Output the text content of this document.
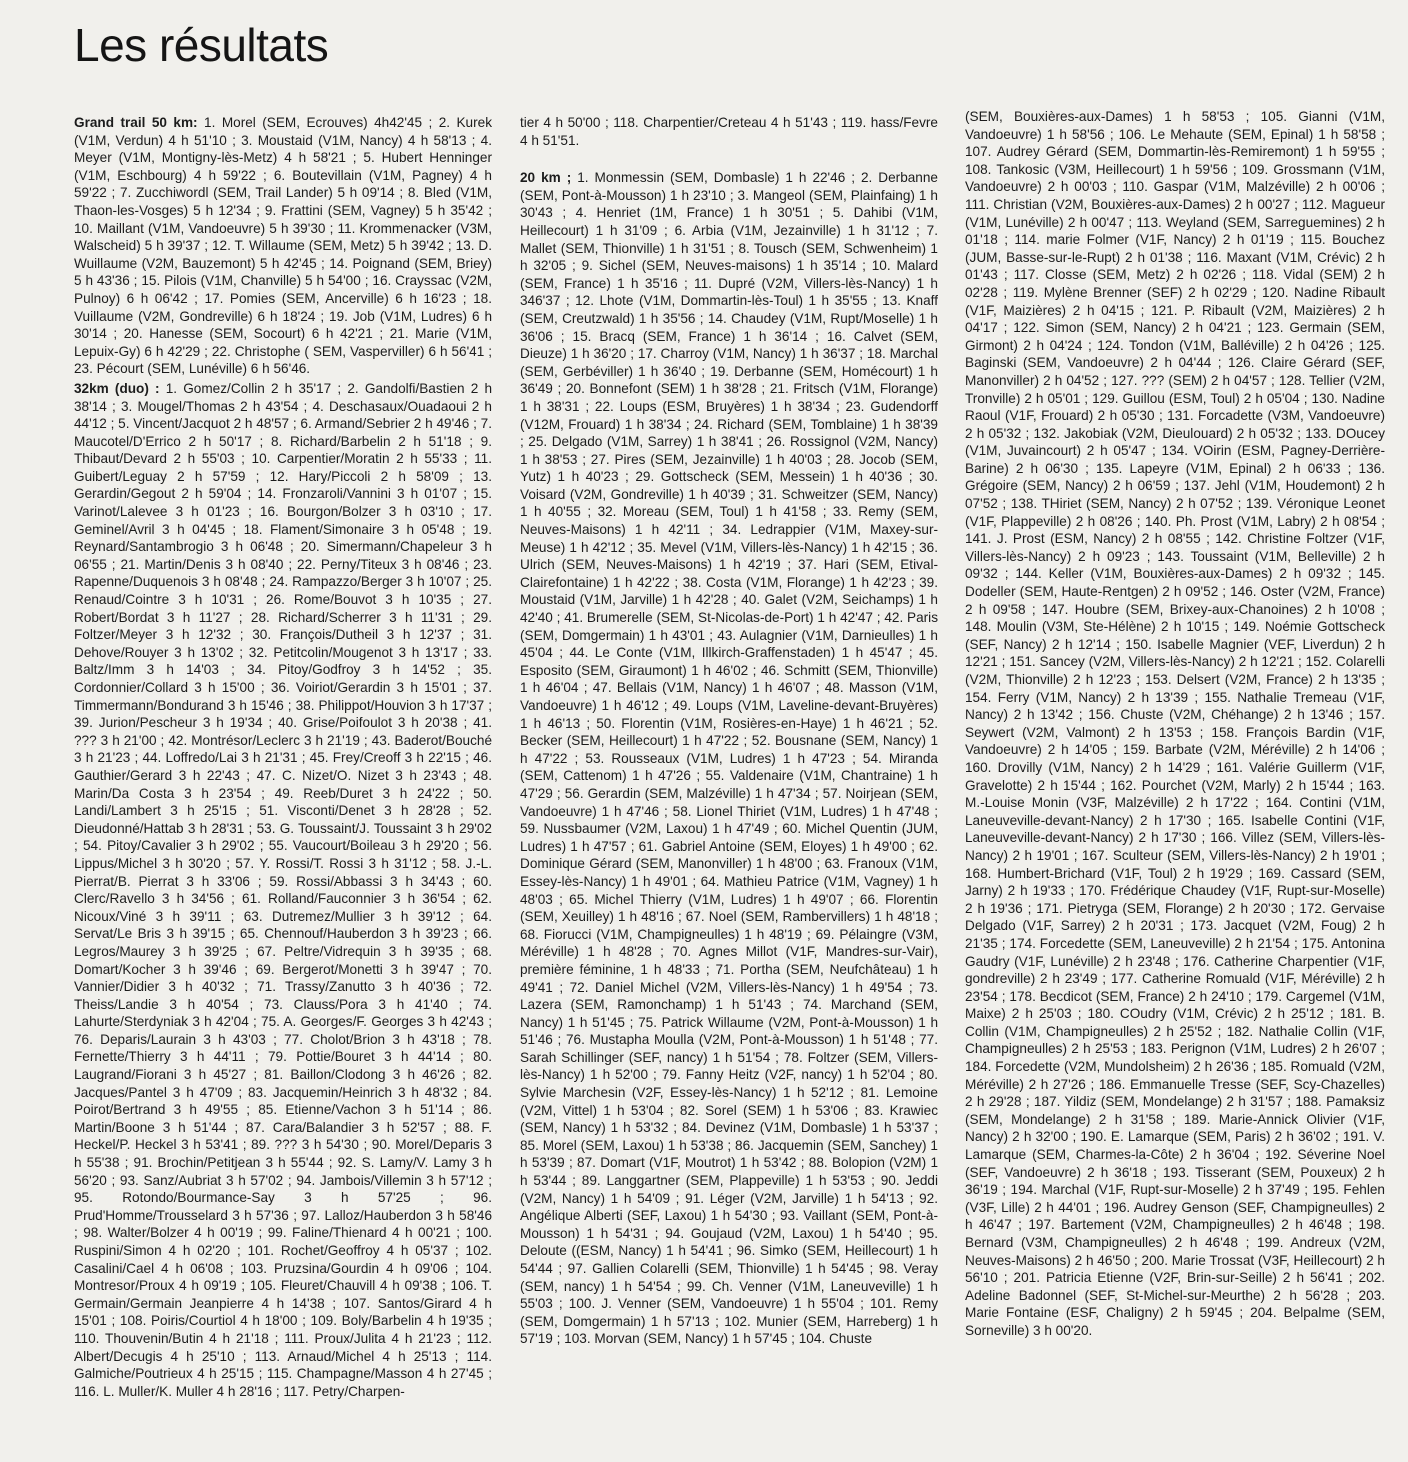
Les résultats

Grand trail 50 km: 1. Morel (SEM, Ecrouves) 4h42'45 ; 2. Kurek (V1M, Verdun) 4 h 51'10 ; 3. Moustaid (V1M, Nancy) 4 h 58'13 ; 4. Meyer (V1M, Montigny-lès-Metz) 4 h 58'21 ; 5. Hubert Henninger (V1M, Eschbourg) 4 h 59'22 ; 6. Boutevillain (V1M, Pagney) 4 h 59'22 ; 7. Zucchiwordl (SEM, Trail Lander) 5 h 09'14 ; 8. Bled (V1M, Thaon-les-Vosges) 5 h 12'34 ; 9. Frattini (SEM, Vagney) 5 h 35'42 ; 10. Maillant (V1M, Vandoeuvre) 5 h 39'30 ; 11. Krommenacker (V3M, Walscheid) 5 h 39'37 ; 12. T. Willaume (SEM, Metz) 5 h 39'42 ; 13. D. Wuillaume (V2M, Bauzemont) 5 h 42'45 ; 14. Poignand (SEM, Briey) 5 h 43'36 ; 15. Pilois (V1M, Chanville) 5 h 54'00 ; 16. Crayssac (V2M, Pulnoy) 6 h 06'42 ; 17. Pomies (SEM, Ancerville) 6 h 16'23 ; 18. Vuillaume (V2M, Gondreville) 6 h 18'24 ; 19. Job (V1M, Ludres) 6 h 30'14 ; 20. Hanesse (SEM, Socourt) 6 h 42'21 ; 21. Marie (V1M, Lepuix-Gy) 6 h 42'29 ; 22. Christophe ( SEM, Vasperviller) 6 h 56'41 ; 23. Pécourt (SEM, Lunéville) 6 h 56'46.

32km (duo) : 1. Gomez/Collin 2 h 35'17 ; 2. Gandolfi/Bastien 2 h 38'14 ; 3. Mougel/Thomas 2 h 43'54 ; 4. Deschasaux/Ouadaoui 2 h 44'12 ; 5. Vincent/Jacquot 2 h 48'57 ; 6. Armand/Sebrier 2 h 49'46 ; 7. Maucotel/D'Errico 2 h 50'17 ; 8. Richard/Barbelin 2 h 51'18 ; 9. Thibaut/Devard 2 h 55'03 ; 10. Carpentier/Moratin 2 h 55'33 ; 11. Guibert/Leguay 2 h 57'59 ; 12. Hary/Piccoli 2 h 58'09 ; 13. Gerardin/Gegout 2 h 59'04 ; 14. Fronzaroli/Vannini 3 h 01'07 ; 15. Varinot/Lalevee 3 h 01'23 ; 16. Bourgon/Bolzer 3 h 03'10 ; 17. Geminel/Avril 3 h 04'45 ; 18. Flament/Simonaire 3 h 05'48 ; 19. Reynard/Santambrogio 3 h 06'48 ; 20. Simermann/Chapeleur 3 h 06'55 ; 21. Martin/Denis 3 h 08'40 ; 22. Perny/Titeux 3 h 08'46 ; 23. Rapenne/Duquenois 3 h 08'48 ; 24. Rampazzo/Berger 3 h 10'07 ; 25. Renaud/Cointre 3 h 10'31 ; 26. Rome/Bouvot 3 h 10'35 ; 27. Robert/Bordat 3 h 11'27 ; 28. Richard/Scherrer 3 h 11'31 ; 29. Foltzer/Meyer 3 h 12'32 ; 30. François/Dutheil 3 h 12'37 ; 31. Dehove/Rouyer 3 h 13'02 ; 32. Petitcolin/Mougenot 3 h 13'17 ; 33. Baltz/Imm 3 h 14'03 ; 34. Pitoy/Godfroy 3 h 14'52 ; 35. Cordonnier/Collard 3 h 15'00 ; 36. Voiriot/Gerardin 3 h 15'01 ; 37. Timmermann/Bondurand 3 h 15'46 ; 38. Philippot/Houvion 3 h 17'37 ; 39. Jurion/Pescheur 3 h 19'34 ; 40. Grise/Poifoulot 3 h 20'38 ; 41. ??? 3 h 21'00 ; 42. Montrésor/Leclerc 3 h 21'19 ; 43. Baderot/Bouché 3 h 21'23 ; 44. Loffredo/Lai 3 h 21'31 ; 45. Frey/Creoff 3 h 22'15 ; 46. Gauthier/Gerard 3 h 22'43 ; 47. C. Nizet/O. Nizet 3 h 23'43 ; 48. Marin/Da Costa 3 h 23'54 ; 49. Reeb/Duret 3 h 24'22 ; 50. Landi/Lambert 3 h 25'15 ; 51. Visconti/Denet 3 h 28'28 ; 52. Dieudonné/Hattab 3 h 28'31 ; 53. G. Toussaint/J. Toussaint 3 h 29'02 ; 54. Pitoy/Cavalier 3 h 29'02 ; 55. Vaucourt/Boileau 3 h 29'20 ; 56. Lippus/Michel 3 h 30'20 ; 57. Y. Rossi/T. Rossi 3 h 31'12 ; 58. J.-L. Pierrat/B. Pierrat 3 h 33'06 ; 59. Rossi/Abbassi 3 h 34'43 ; 60. Clerc/Ravello 3 h 34'56 ; 61. Rolland/Fauconnier 3 h 36'54 ; 62. Nicoux/Viné 3 h 39'11 ; 63. Dutremez/Mullier 3 h 39'12 ; 64. Servat/Le Bris 3 h 39'15 ; 65. Chennouf/Hauberdon 3 h 39'23 ; 66. Legros/Maurey 3 h 39'25 ; 67. Peltre/Vidrequin 3 h 39'35 ; 68. Domart/Kocher 3 h 39'46 ; 69. Bergerot/Monetti 3 h 39'47 ; 70. Vannier/Didier 3 h 40'32 ; 71. Trassy/Zanutto 3 h 40'36 ; 72. Theiss/Landie 3 h 40'54 ; 73. Clauss/Pora 3 h 41'40 ; 74. Lahurte/Sterdyniak 3 h 42'04 ; 75. A. Georges/F. Georges 3 h 42'43 ; 76. Deparis/Laurain 3 h 43'03 ; 77. Cholot/Brion 3 h 43'18 ; 78. Fernette/Thierry 3 h 44'11 ; 79. Pottie/Bouret 3 h 44'14 ; 80. Laugrand/Fiorani 3 h 45'27 ; 81. Baillon/Clodong 3 h 46'26 ; 82. Jacques/Pantel 3 h 47'09 ; 83. Jacquemin/Heinrich 3 h 48'32 ; 84. Poirot/Bertrand 3 h 49'55 ; 85. Etienne/Vachon 3 h 51'14 ; 86. Martin/Boone 3 h 51'44 ; 87. Cara/Balandier 3 h 52'57 ; 88. F. Heckel/P. Heckel 3 h 53'41 ; 89. ??? 3 h 54'30 ; 90. Morel/Deparis 3 h 55'38 ; 91. Brochin/Petitjean 3 h 55'44 ; 92. S. Lamy/V. Lamy 3 h 56'20 ; 93. Sanz/Aubriat 3 h 57'02 ; 94. Jambois/Villemin 3 h 57'12 ; 95. Rotondo/Bourmance-Say 3 h 57'25 ; 96. Prud'Homme/Trousselard 3 h 57'36 ; 97. Lalloz/Hauberdon 3 h 58'46 ; 98. Walter/Bolzer 4 h 00'19 ; 99. Faline/Thienard 4 h 00'21 ; 100. Ruspini/Simon 4 h 02'20 ; 101. Rochet/Geoffroy 4 h 05'37 ; 102. Casalini/Cael 4 h 06'08 ; 103. Pruzsina/Gourdin 4 h 09'06 ; 104. Montresor/Proux 4 h 09'19 ; 105. Fleuret/Chauvill 4 h 09'38 ; 106. T. Germain/Germain Jeanpierre 4 h 14'38 ; 107. Santos/Girard 4 h 15'01 ; 108. Poiris/Courtiol 4 h 18'00 ; 109. Boly/Barbelin 4 h 19'35 ; 110. Thouvenin/Butin 4 h 21'18 ; 111. Proux/Julita 4 h 21'23 ; 112. Albert/Decugis 4 h 25'10 ; 113. Arnaud/Michel 4 h 25'13 ; 114. Galmiche/Poutrieux 4 h 25'15 ; 115. Champagne/Masson 4 h 27'45 ; 116. L. Muller/K. Muller 4 h 28'16 ; 117. Petry/Charpen-

tier 4 h 50'00 ; 118. Charpentier/Creteau 4 h 51'43 ; 119. hass/Fevre 4 h 51'51.

20 km ; 1. Monmessin (SEM, Dombasle) 1 h 22'46 ; 2. Derbanne (SEM, Pont-à-Mousson) 1 h 23'10 ; 3. Mangeol (SEM, Plainfaing) 1 h 30'43 ; 4. Henriet (1M, France) 1 h 30'51 ; 5. Dahibi (V1M, Heillecourt) 1 h 31'09 ; 6. Arbia (V1M, Jezainville) 1 h 31'12 ; 7. Mallet (SEM, Thionville) 1 h 31'51 ; 8. Tousch (SEM, Schwenheim) 1 h 32'05 ; 9. Sichel (SEM, Neuves-maisons) 1 h 35'14 ; 10. Malard (SEM, France) 1 h 35'16 ; 11. Dupré (V2M, Villers-lès-Nancy) 1 h 346'37 ; 12. Lhote (V1M, Dommartin-lès-Toul) 1 h 35'55 ; 13. Knaff (SEM, Creutzwald) 1 h 35'56 ; 14. Chaudey (V1M, Rupt/Moselle) 1 h 36'06 ; 15. Bracq (SEM, France) 1 h 36'14 ; 16. Calvet (SEM, Dieuze) 1 h 36'20 ; 17. Charroy (V1M, Nancy) 1 h 36'37 ; 18. Marchal (SEM, Gerbéviller) 1 h 36'40 ; 19. Derbanne (SEM, Homécourt) 1 h 36'49 ; 20. Bonnefont (SEM) 1 h 38'28 ; 21. Fritsch (V1M, Florange) 1 h 38'31 ; 22. Loups (ESM, Bruyères) 1 h 38'34 ; 23. Gudendorff (V12M, Frouard) 1 h 38'34 ; 24. Richard (SEM, Tomblaine) 1 h 38'39 ; 25. Delgado (V1M, Sarrey) 1 h 38'41 ; 26. Rossignol (V2M, Nancy) 1 h 38'53 ; 27. Pires (SEM, Jezainville) 1 h 40'03 ; 28. Jocob (SEM, Yutz) 1 h 40'23 ; 29. Gottscheck (SEM, Messein) 1 h 40'36 ; 30. Voisard (V2M, Gondreville) 1 h 40'39 ; 31. Schweitzer (SEM, Nancy) 1 h 40'55 ; 32. Moreau (SEM, Toul) 1 h 41'58 ; 33. Remy (SEM, Neuves-Maisons) 1 h 42'11 ; 34. Ledrappier (V1M, Maxey-sur-Meuse) 1 h 42'12 ; 35. Mevel (V1M, Villers-lès-Nancy) 1 h 42'15 ; 36. Ulrich (SEM, Neuves-Maisons) 1 h 42'19 ; 37. Hari (SEM, Etival-Clairefontaine) 1 h 42'22 ; 38. Costa (V1M, Florange) 1 h 42'23 ; 39. Moustaid (V1M, Jarville) 1 h 42'28 ; 40. Galet (V2M, Seichamps) 1 h 42'40 ; 41. Brumerelle (SEM, St-Nicolas-de-Port) 1 h 42'47 ; 42. Paris (SEM, Domgermain) 1 h 43'01 ; 43. Aulagnier (V1M, Darnieulles) 1 h 45'04 ; 44. Le Conte (V1M, Illkirch-Graffenstaden) 1 h 45'47 ; 45. Esposito (SEM, Giraumont) 1 h 46'02 ; 46. Schmitt (SEM, Thionville) 1 h 46'04 ; 47. Bellais (V1M, Nancy) 1 h 46'07 ; 48. Masson (V1M, Vandoeuvre) 1 h 46'12 ; 49. Loups (V1M, Laveline-devant-Bruyères) 1 h 46'13 ; 50. Florentin (V1M, Rosières-en-Haye) 1 h 46'21 ; 52. Becker (SEM, Heillecourt) 1 h 47'22 ; 52. Bousnane (SEM, Nancy) 1 h 47'22 ; 53. Rousseaux (V1M, Ludres) 1 h 47'23 ; 54. Miranda (SEM, Cattenom) 1 h 47'26 ; 55. Valdenaire (V1M, Chantraine) 1 h 47'29 ; 56. Gerardin (SEM, Malzéville) 1 h 47'34 ; 57. Noirjean (SEM, Vandoeuvre) 1 h 47'46 ; 58. Lionel Thiriet (V1M, Ludres) 1 h 47'48 ; 59. Nussbaumer (V2M, Laxou) 1 h 47'49 ; 60. Michel Quentin (JUM, Ludres) 1 h 47'57 ; 61. Gabriel Antoine (SEM, Eloyes) 1 h 49'00 ; 62. Dominique Gérard (SEM, Manonviller) 1 h 48'00 ; 63. Franoux (V1M, Essey-lès-Nancy) 1 h 49'01 ; 64. Mathieu Patrice (V1M, Vagney) 1 h 48'03 ; 65. Michel Thierry (V1M, Ludres) 1 h 49'07 ; 66. Florentin (SEM, Xeuilley) 1 h 48'16 ; 67. Noel (SEM, Rambervillers) 1 h 48'18 ; 68. Fiorucci (V1M, Champigneulles) 1 h 48'19 ; 69. Pélaingre (V3M, Méréville) 1 h 48'28 ; 70. Agnes Millot (V1F, Mandres-sur-Vair), première féminine, 1 h 48'33 ; 71. Portha (SEM, Neufchâteau) 1 h 49'41 ; 72. Daniel Michel (V2M, Villers-lès-Nancy) 1 h 49'54 ; 73. Lazera (SEM, Ramonchamp) 1 h 51'43 ; 74. Marchand (SEM, Nancy) 1 h 51'45 ; 75. Patrick Willaume (V2M, Pont-à-Mousson) 1 h 51'46 ; 76. Mustapha Moulla (V2M, Pont-à-Mousson) 1 h 51'48 ; 77. Sarah Schillinger (SEF, nancy) 1 h 51'54 ; 78. Foltzer (SEM, Villers-lès-Nancy) 1 h 52'00 ; 79. Fanny Heitz (V2F, nancy) 1 h 52'04 ; 80. Sylvie Marchesin (V2F, Essey-lès-Nancy) 1 h 52'12 ; 81. Lemoine (V2M, Vittel) 1 h 53'04 ; 82. Sorel (SEM) 1 h 53'06 ; 83. Krawiec (SEM, Nancy) 1 h 53'32 ; 84. Devinez (V1M, Dombasle) 1 h 53'37 ; 85. Morel (SEM, Laxou) 1 h 53'38 ; 86. Jacquemin (SEM, Sanchey) 1 h 53'39 ; 87. Domart (V1F, Moutrot) 1 h 53'42 ; 88. Bolopion (V2M) 1 h 53'44 ; 89. Langgartner (SEM, Plappeville) 1 h 53'53 ; 90. Jeddi (V2M, Nancy) 1 h 54'09 ; 91. Léger (V2M, Jarville) 1 h 54'13 ; 92. Angélique Alberti (SEF, Laxou) 1 h 54'30 ; 93. Vaillant (SEM, Pont-à-Mousson) 1 h 54'31 ; 94. Goujaud (V2M, Laxou) 1 h 54'40 ; 95. Deloute ((ESM, Nancy) 1 h 54'41 ; 96. Simko (SEM, Heillecourt) 1 h 54'44 ; 97. Gallien Colarelli (SEM, Thionville) 1 h 54'45 ; 98. Veray (SEM, nancy) 1 h 54'54 ; 99. Ch. Venner (V1M, Laneuveville) 1 h 55'03 ; 100. J. Venner (SEM, Vandoeuvre) 1 h 55'04 ; 101. Remy (SEM, Domgermain) 1 h 57'13 ; 102. Munier (SEM, Harreberg) 1 h 57'19 ; 103. Morvan (SEM, Nancy) 1 h 57'45 ; 104. Chuste

(SEM, Bouxières-aux-Dames) 1 h 58'53 ; 105. Gianni (V1M, Vandoeuvre) 1 h 58'56 ; 106. Le Mehaute (SEM, Epinal) 1 h 58'58 ; 107. Audrey Gérard (SEM, Dommartin-lès-Remiremont) 1 h 59'55 ; 108. Tankosic (V3M, Heillecourt) 1 h 59'56 ; 109. Grossmann (V1M, Vandoeuvre) 2 h 00'03 ; 110. Gaspar (V1M, Malzéville) 2 h 00'06 ; 111. Christian (V2M, Bouxières-aux-Dames) 2 h 00'27 ; 112. Magueur (V1M, Lunéville) 2 h 00'47 ; 113. Weyland (SEM, Sarreguemines) 2 h 01'18 ; 114. marie Folmer (V1F, Nancy) 2 h 01'19 ; 115. Bouchez (JUM, Basse-sur-le-Rupt) 2 h 01'38 ; 116. Maxant (V1M, Crévic) 2 h 01'43 ; 117. Closse (SEM, Metz) 2 h 02'26 ; 118. Vidal (SEM) 2 h 02'28 ; 119. Mylène Brenner (SEF) 2 h 02'29 ; 120. Nadine Ribault (V1F, Maizières) 2 h 04'15 ; 121. P. Ribault (V2M, Maizières) 2 h 04'17 ; 122. Simon (SEM, Nancy) 2 h 04'21 ; 123. Germain (SEM, Girmont) 2 h 04'24 ; 124. Tondon (V1M, Balléville) 2 h 04'26 ; 125. Baginski (SEM, Vandoeuvre) 2 h 04'44 ; 126. Claire Gérard (SEF, Manonviller) 2 h 04'52 ; 127. ??? (SEM) 2 h 04'57 ; 128. Tellier (V2M, Tronville) 2 h 05'01 ; 129. Guillou (ESM, Toul) 2 h 05'04 ; 130. Nadine Raoul (V1F, Frouard) 2 h 05'30 ; 131. Forcadette (V3M, Vandoeuvre) 2 h 05'32 ; 132. Jakobiak (V2M, Dieulouard) 2 h 05'32 ; 133. DOucey (V1M, Juvaincourt) 2 h 05'47 ; 134. VOirin (ESM, Pagney-Derrière-Barine) 2 h 06'30 ; 135. Lapeyre (V1M, Epinal) 2 h 06'33 ; 136. Grégoire (SEM, Nancy) 2 h 06'59 ; 137. Jehl (V1M, Houdemont) 2 h 07'52 ; 138. THiriet (SEM, Nancy) 2 h 07'52 ; 139. Véronique Leonet (V1F, Plappeville) 2 h 08'26 ; 140. Ph. Prost (V1M, Labry) 2 h 08'54 ; 141. J. Prost (ESM, Nancy) 2 h 08'55 ; 142. Christine Foltzer (V1F, Villers-lès-Nancy) 2 h 09'23 ; 143. Toussaint (V1M, Belleville) 2 h 09'32 ; 144. Keller (V1M, Bouxières-aux-Dames) 2 h 09'32 ; 145. Dodeller (SEM, Haute-Rentgen) 2 h 09'52 ; 146. Oster (V2M, France) 2 h 09'58 ; 147. Houbre (SEM, Brixey-aux-Chanoines) 2 h 10'08 ; 148. Moulin (V3M, Ste-Hélène) 2 h 10'15 ; 149. Noémie Gottscheck (SEF, Nancy) 2 h 12'14 ; 150. Isabelle Magnier (VEF, Liverdun) 2 h 12'21 ; 151. Sancey (V2M, Villers-lès-Nancy) 2 h 12'21 ; 152. Colarelli (V2M, Thionville) 2 h 12'23 ; 153. Delsert (V2M, France) 2 h 13'35 ; 154. Ferry (V1M, Nancy) 2 h 13'39 ; 155. Nathalie Tremeau (V1F, Nancy) 2 h 13'42 ; 156. Chuste (V2M, Chéhange) 2 h 13'46 ; 157. Seywert (V2M, Valmont) 2 h 13'53 ; 158. François Bardin (V1F, Vandoeuvre) 2 h 14'05 ; 159. Barbate (V2M, Méréville) 2 h 14'06 ; 160. Drovilly (V1M, Nancy) 2 h 14'29 ; 161. Valérie Guillerm (V1F, Gravelotte) 2 h 15'44 ; 162. Pourchet (V2M, Marly) 2 h 15'44 ; 163. M.-Louise Monin (V3F, Malzéville) 2 h 17'22 ; 164. Contini (V1M, Laneuveville-devant-Nancy) 2 h 17'30 ; 165. Isabelle Contini (V1F, Laneuveville-devant-Nancy) 2 h 17'30 ; 166. Villez (SEM, Villers-lès-Nancy) 2 h 19'01 ; 167. Sculteur (SEM, Villers-lès-Nancy) 2 h 19'01 ; 168. Humbert-Brichard (V1F, Toul) 2 h 19'29 ; 169. Cassard (SEM, Jarny) 2 h 19'33 ; 170. Frédérique Chaudey (V1F, Rupt-sur-Moselle) 2 h 19'36 ; 171. Pietryga (SEM, Florange) 2 h 20'30 ; 172. Gervaise Delgado (V1F, Sarrey) 2 h 20'31 ; 173. Jacquet (V2M, Foug) 2 h 21'35 ; 174. Forcedette (SEM, Laneuveville) 2 h 21'54 ; 175. Antonina Gaudry (V1F, Lunéville) 2 h 23'48 ; 176. Catherine Charpentier (V1F, gondreville) 2 h 23'49 ; 177. Catherine Romuald (V1F, Méréville) 2 h 23'54 ; 178. Becdicot (SEM, France) 2 h 24'10 ; 179. Cargemel (V1M, Maixe) 2 h 25'03 ; 180. COudry (V1M, Crévic) 2 h 25'12 ; 181. B. Collin (V1M, Champigneulles) 2 h 25'52 ; 182. Nathalie Collin (V1F, Champigneulles) 2 h 25'53 ; 183. Perignon (V1M, Ludres) 2 h 26'07 ; 184. Forcedette (V2M, Mundolsheim) 2 h 26'36 ; 185. Romuald (V2M, Méréville) 2 h 27'26 ; 186. Emmanuelle Tresse (SEF, Scy-Chazelles) 2 h 29'28 ; 187. Yildiz (SEM, Mondelange) 2 h 31'57 ; 188. Pamaksiz (SEM, Mondelange) 2 h 31'58 ; 189. Marie-Annick Olivier (V1F, Nancy) 2 h 32'00 ; 190. E. Lamarque (SEM, Paris) 2 h 36'02 ; 191. V. Lamarque (SEM, Charmes-la-Côte) 2 h 36'04 ; 192. Séverine Noel (SEF, Vandoeuvre) 2 h 36'18 ; 193. Tisserant (SEM, Pouxeux) 2 h 36'19 ; 194. Marchal (V1F, Rupt-sur-Moselle) 2 h 37'49 ; 195. Fehlen (V3F, Lille) 2 h 44'01 ; 196. Audrey Genson (SEF, Champigneulles) 2 h 46'47 ; 197. Bartement (V2M, Champigneulles) 2 h 46'48 ; 198. Bernard (V3M, Champigneulles) 2 h 46'48 ; 199. Andreux (V2M, Neuves-Maisons) 2 h 46'50 ; 200. Marie Trossat (V3F, Heillecourt) 2 h 56'10 ; 201. Patricia Etienne (V2F, Brin-sur-Seille) 2 h 56'41 ; 202. Adeline Badonnel (SEF, St-Michel-sur-Meurthe) 2 h 56'28 ; 203. Marie Fontaine (ESF, Chaligny) 2 h 59'45 ; 204. Belpalme (SEM, Sorneville) 3 h 00'20.
